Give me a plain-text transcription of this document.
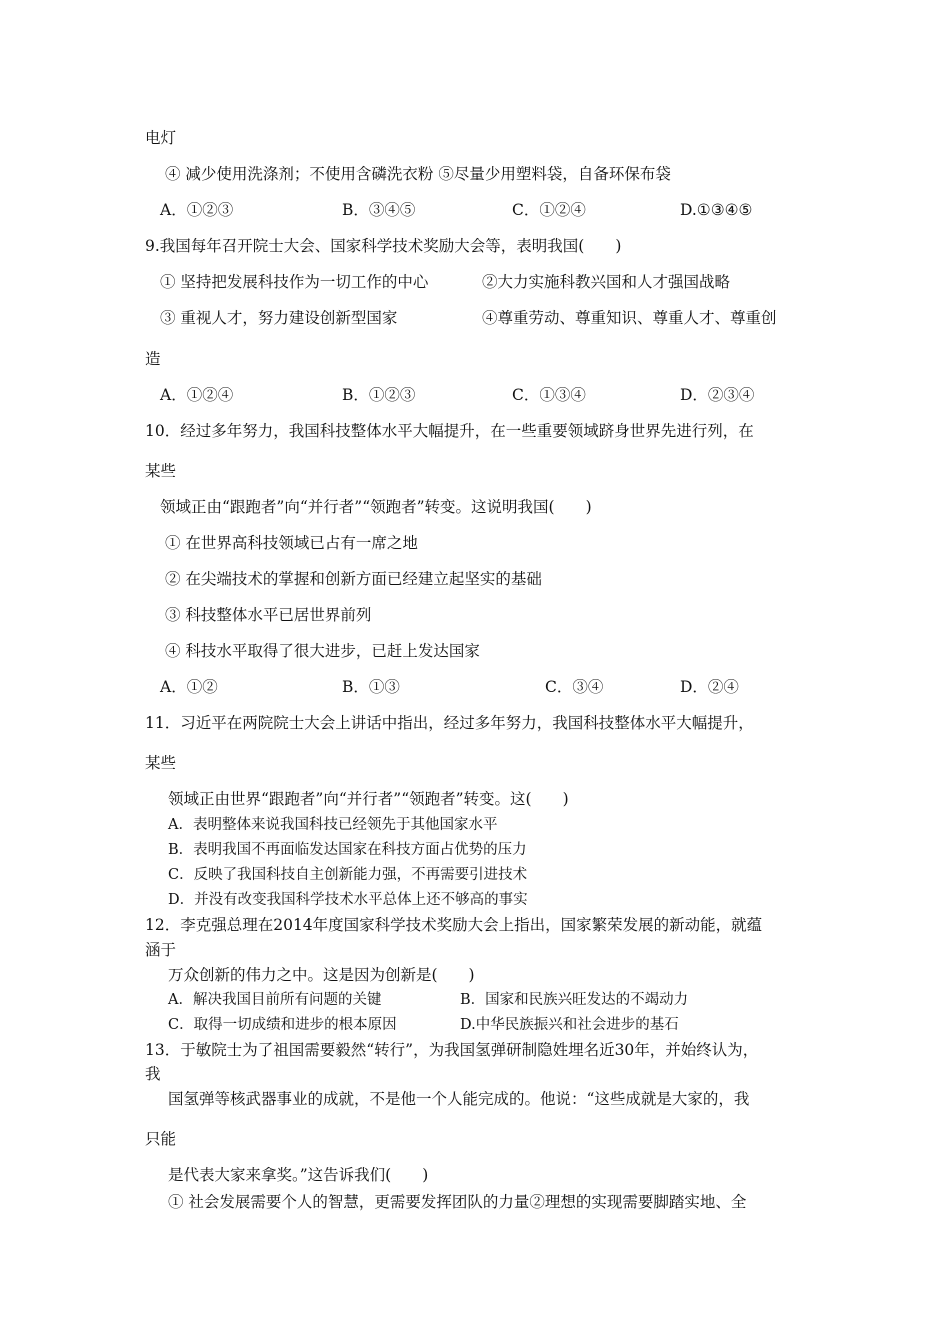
电灯
④ 减少使用洗涤剂；不使用含磷洗衣粉 ⑤尽量少用塑料袋，自备环保布袋
A．①②③	B．③④⑤	C．①②④	D.①③④⑤
9.我国每年召开院士大会、国家科学技术奖励大会等，表明我国(　　)
① 坚持把发展科技作为一切工作的中心	②大力实施科教兴国和人才强国战略
③ 重视人才，努力建设创新型国家	④尊重劳动、尊重知识、尊重人才、尊重创
造
A．①②④	B．①②③	C．①③④	D．②③④
10．经过多年努力，我国科技整体水平大幅提升，在一些重要领域跻身世界先进行列，在
某些
领域正由“跟跑者”向“并行者”“领跑者”转变。这说明我国(　　)
① 在世界高科技领域已占有一席之地
② 在尖端技术的掌握和创新方面已经建立起坚实的基础
③ 科技整体水平已居世界前列
④ 科技水平取得了很大进步，已赶上发达国家
A．①②	B．①③	C．③④	D．②④
11．习近平在两院院士大会上讲话中指出，经过多年努力，我国科技整体水平大幅提升，
某些
领域正由世界“跟跑者”向“并行者”“领跑者”转变。这(　　)
A．表明整体来说我国科技已经领先于其他国家水平
B．表明我国不再面临发达国家在科技方面占优势的压力
C．反映了我国科技自主创新能力强，不再需要引进技术
D．并没有改变我国科学技术水平总体上还不够高的事实
12．李克强总理在2014年度国家科学技术奖励大会上指出，国家繁荣发展的新动能，就蕴
涵于
万众创新的伟力之中。这是因为创新是(　　)
A．解决我国目前所有问题的关键	B．国家和民族兴旺发达的不竭动力
C．取得一切成绩和进步的根本原因	D.中华民族振兴和社会进步的基石
13．于敏院士为了祖国需要毅然“转行”，为我国氢弹研制隐姓埋名近30年，并始终认为，
我
国氢弹等核武器事业的成就，不是他一个人能完成的。他说：“这些成就是大家的，我
只能
是代表大家来拿奖。”这告诉我们(　　)
① 社会发展需要个人的智慧，更需要发挥团队的力量②理想的实现需要脚踏实地、全
